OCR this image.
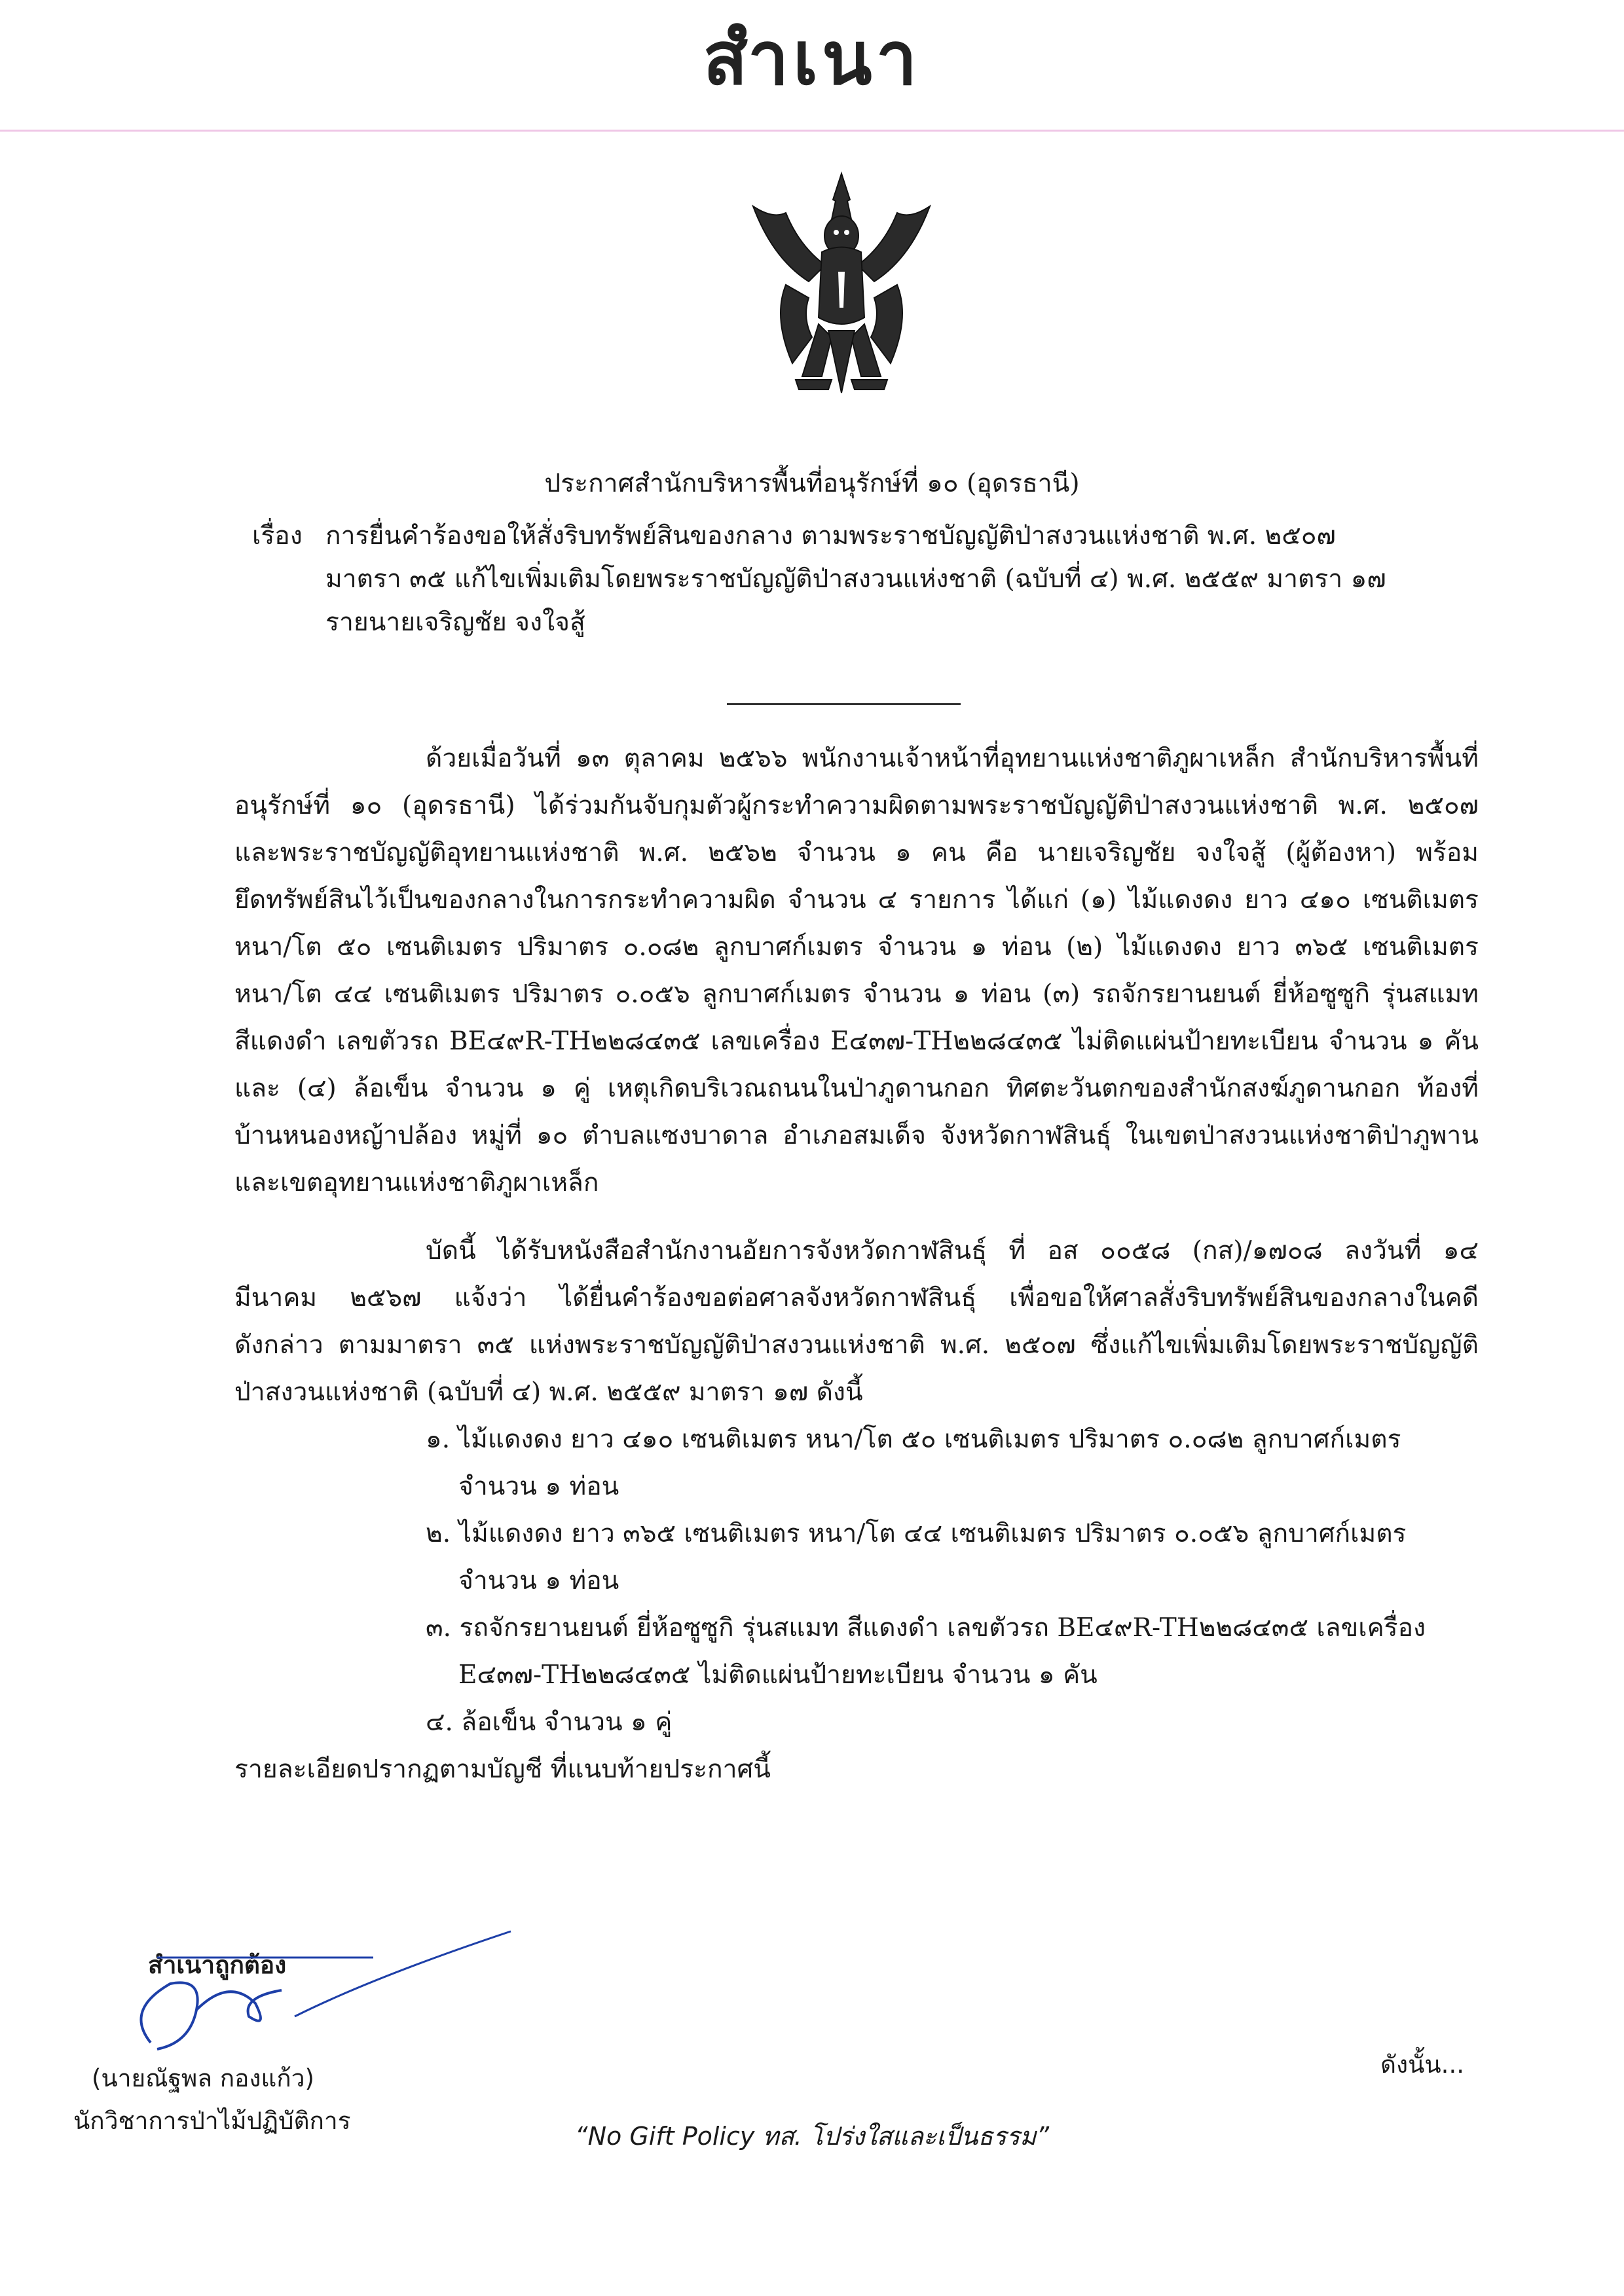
สำเนา
ประกาศสำนักบริหารพื้นที่อนุรักษ์ที่ ๑๐ (อุดรธานี)
เรื่อง การยื่นคำร้องขอให้สั่งริบทรัพย์สินของกลาง ตามพระราชบัญญัติป่าสงวนแห่งชาติ พ.ศ. ๒๕๐๗
มาตรา ๓๕ แก้ไขเพิ่มเติมโดยพระราชบัญญัติป่าสงวนแห่งชาติ (ฉบับที่ ๔) พ.ศ. ๒๕๕๙ มาตรา ๑๗
รายนายเจริญชัย จงใจสู้
ด้วยเมื่อวันที่ ๑๓ ตุลาคม ๒๕๖๖ พนักงานเจ้าหน้าที่อุทยานแห่งชาติภูผาเหล็ก สำนักบริหารพื้นที่
อนุรักษ์ที่ ๑๐ (อุดรธานี) ได้ร่วมกันจับกุมตัวผู้กระทำความผิดตามพระราชบัญญัติป่าสงวนแห่งชาติ พ.ศ. ๒๕๐๗
และพระราชบัญญัติอุทยานแห่งชาติ พ.ศ. ๒๕๖๒ จำนวน ๑ คน คือ นายเจริญชัย จงใจสู้ (ผู้ต้องหา) พร้อม
ยึดทรัพย์สินไว้เป็นของกลางในการกระทำความผิด จำนวน ๔ รายการ ได้แก่ (๑) ไม้แดงดง ยาว ๔๑๐ เซนติเมตร
หนา/โต ๕๐ เซนติเมตร ปริมาตร ๐.๐๘๒ ลูกบาศก์เมตร จำนวน ๑ ท่อน (๒) ไม้แดงดง ยาว ๓๖๕ เซนติเมตร
หนา/โต ๔๔ เซนติเมตร ปริมาตร ๐.๐๕๖ ลูกบาศก์เมตร จำนวน ๑ ท่อน (๓) รถจักรยานยนต์ ยี่ห้อซูซูกิ รุ่นสแมท
สีแดงดำ เลขตัวรถ BE๔๙R-TH๒๒๘๔๓๕ เลขเครื่อง E๔๓๗-TH๒๒๘๔๓๕ ไม่ติดแผ่นป้ายทะเบียน จำนวน ๑ คัน
และ (๔) ล้อเข็น จำนวน ๑ คู่ เหตุเกิดบริเวณถนนในป่าภูดานกอก ทิศตะวันตกของสำนักสงฆ์ภูดานกอก ท้องที่
บ้านหนองหญ้าปล้อง หมู่ที่ ๑๐ ตำบลแซงบาดาล อำเภอสมเด็จ จังหวัดกาฬสินธุ์ ในเขตป่าสงวนแห่งชาติป่าภูพาน
และเขตอุทยานแห่งชาติภูผาเหล็ก
บัดนี้ ได้รับหนังสือสำนักงานอัยการจังหวัดกาฬสินธุ์ ที่ อส ๐๐๕๘ (กส)/๑๗๐๘ ลงวันที่ ๑๔
มีนาคม ๒๕๖๗ แจ้งว่า ได้ยื่นคำร้องขอต่อศาลจังหวัดกาฬสินธุ์ เพื่อขอให้ศาลสั่งริบทรัพย์สินของกลางในคดี
ดังกล่าว ตามมาตรา ๓๕ แห่งพระราชบัญญัติป่าสงวนแห่งชาติ พ.ศ. ๒๕๐๗ ซึ่งแก้ไขเพิ่มเติมโดยพระราชบัญญัติ
ป่าสงวนแห่งชาติ (ฉบับที่ ๔) พ.ศ. ๒๕๕๙ มาตรา ๑๗ ดังนี้
๑. ไม้แดงดง ยาว ๔๑๐ เซนติเมตร หนา/โต ๕๐ เซนติเมตร ปริมาตร ๐.๐๘๒ ลูกบาศก์เมตร
จำนวน ๑ ท่อน
๒. ไม้แดงดง ยาว ๓๖๕ เซนติเมตร หนา/โต ๔๔ เซนติเมตร ปริมาตร ๐.๐๕๖ ลูกบาศก์เมตร
จำนวน ๑ ท่อน
๓. รถจักรยานยนต์ ยี่ห้อซูซูกิ รุ่นสแมท สีแดงดำ เลขตัวรถ BE๔๙R-TH๒๒๘๔๓๕ เลขเครื่อง
E๔๓๗-TH๒๒๘๔๓๕ ไม่ติดแผ่นป้ายทะเบียน จำนวน ๑ คัน
๔. ล้อเข็น จำนวน ๑ คู่
รายละเอียดปรากฏตามบัญชี ที่แนบท้ายประกาศนี้
สำเนาถูกต้อง
(นายณัฐพล กองแก้ว)
นักวิชาการป่าไม้ปฏิบัติการ
ดังนั้น...
“No Gift Policy ทส. โปร่งใสและเป็นธรรม”
